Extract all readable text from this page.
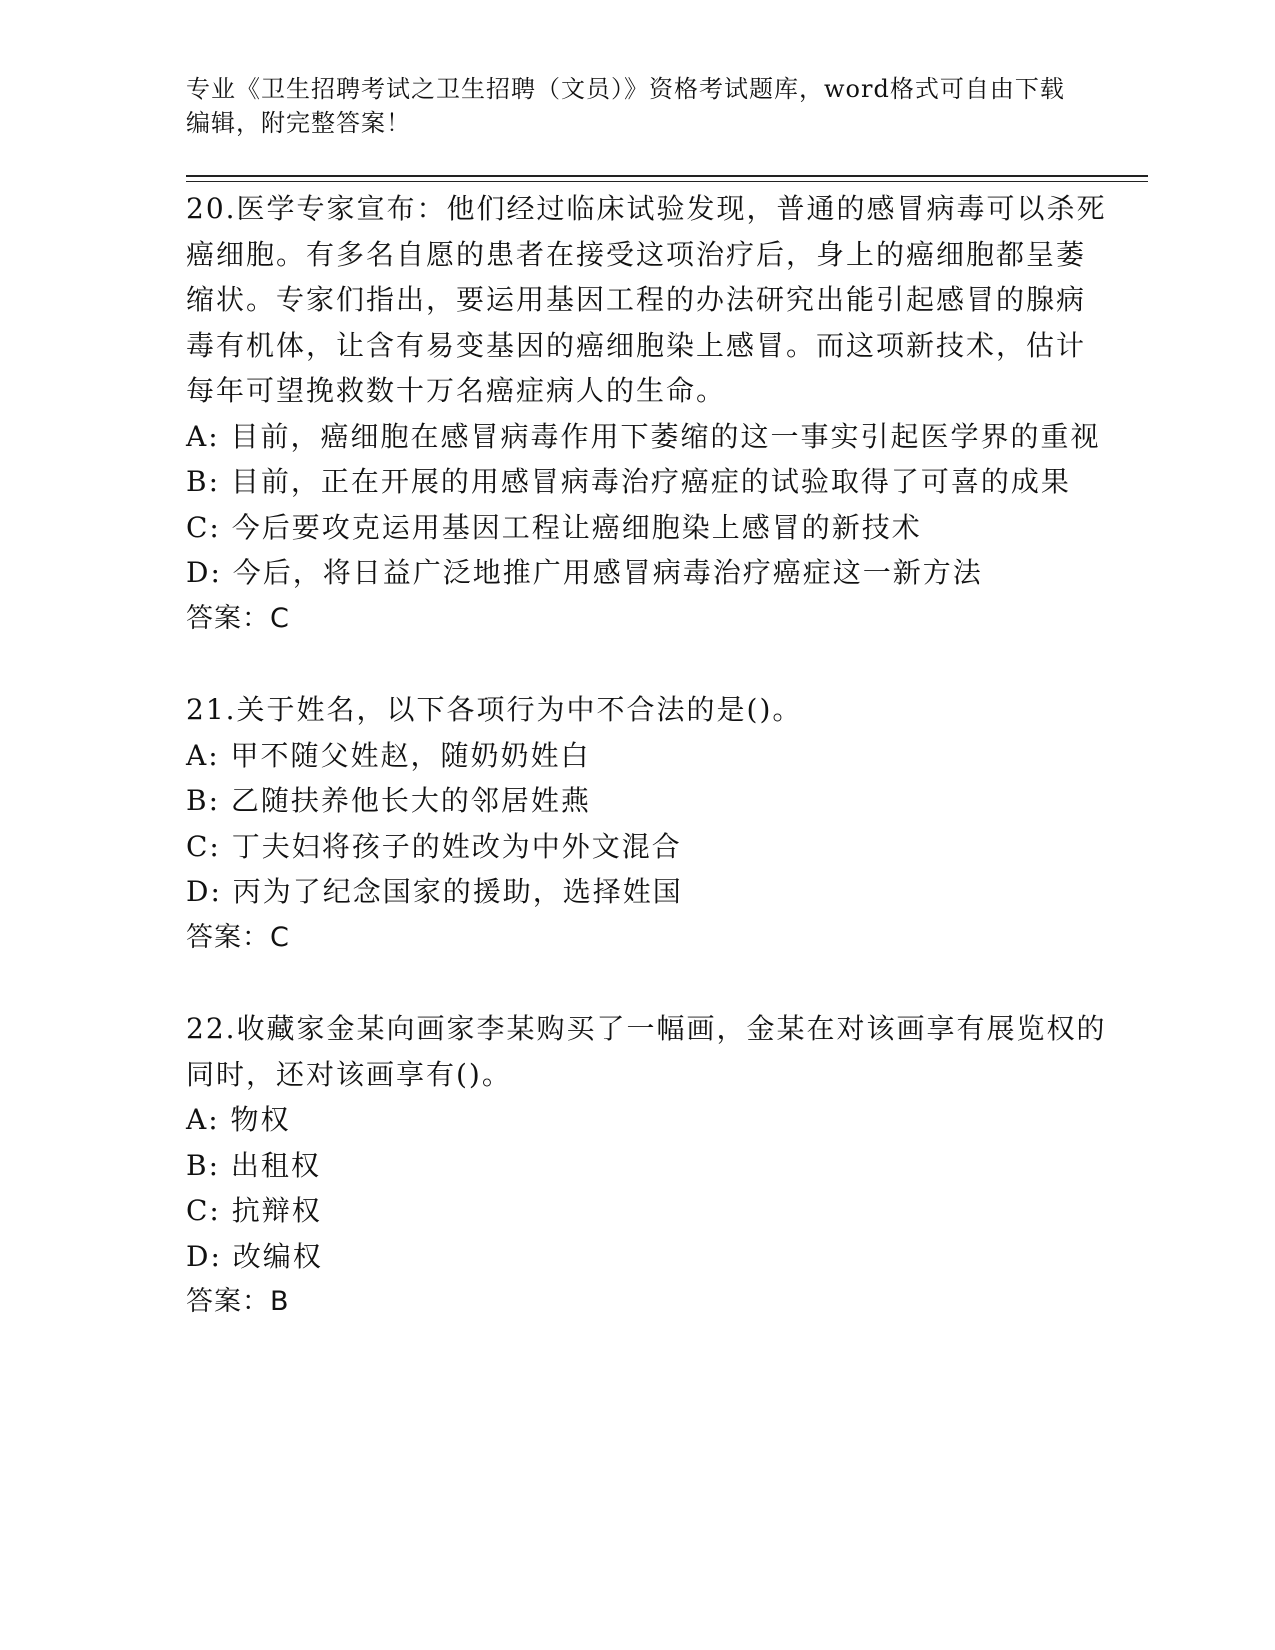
专业《卫生招聘考试之卫生招聘（文员）》资格考试题库，word格式可自由下载
编辑，附完整答案！
20.医学专家宣布：他们经过临床试验发现，普通的感冒病毒可以杀死
癌细胞。有多名自愿的患者在接受这项治疗后，身上的癌细胞都呈萎
缩状。专家们指出，要运用基因工程的办法研究出能引起感冒的腺病
毒有机体，让含有易变基因的癌细胞染上感冒。而这项新技术，估计
每年可望挽救数十万名癌症病人的生命。
A: 目前，癌细胞在感冒病毒作用下萎缩的这一事实引起医学界的重视
B: 目前，正在开展的用感冒病毒治疗癌症的试验取得了可喜的成果
C: 今后要攻克运用基因工程让癌细胞染上感冒的新技术
D: 今后，将日益广泛地推广用感冒病毒治疗癌症这一新方法
答案：C
21.关于姓名，以下各项行为中不合法的是()。
A: 甲不随父姓赵，随奶奶姓白
B: 乙随扶养他长大的邻居姓燕
C: 丁夫妇将孩子的姓改为中外文混合
D: 丙为了纪念国家的援助，选择姓国
答案：C
22.收藏家金某向画家李某购买了一幅画，金某在对该画享有展览权的
同时，还对该画享有()。
A: 物权
B: 出租权
C: 抗辩权
D: 改编权
答案：B
